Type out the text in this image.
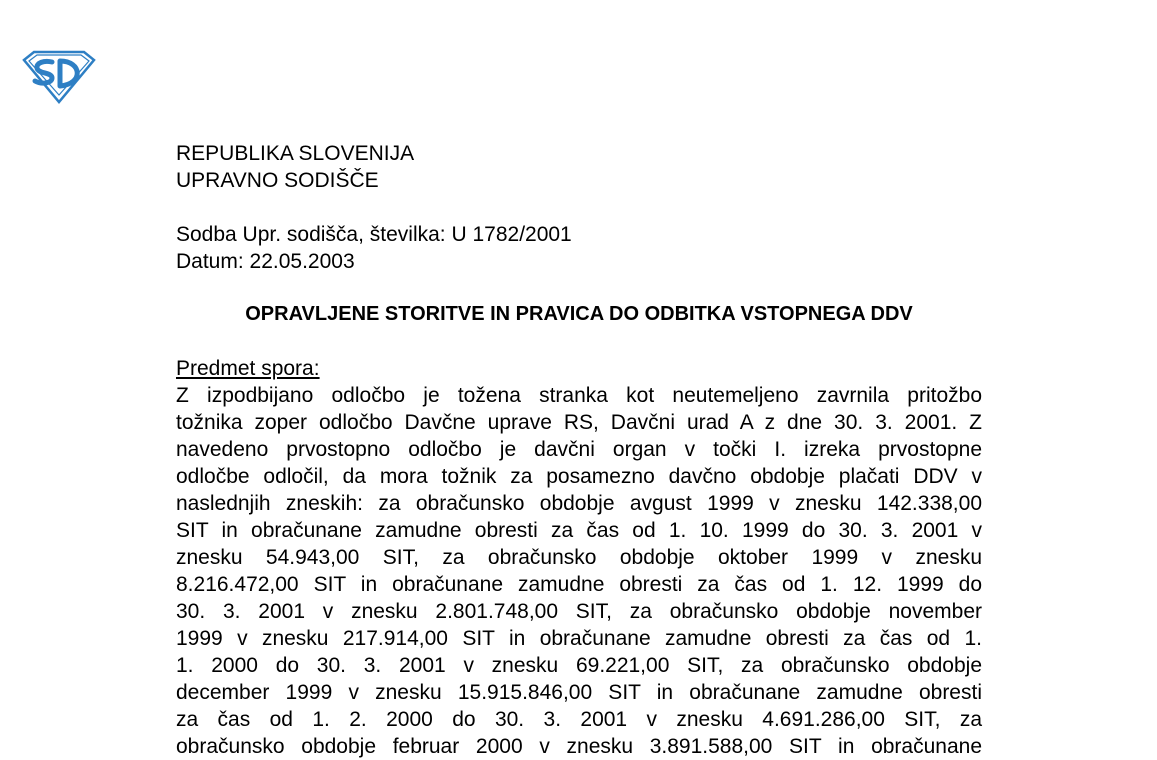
REPUBLIKA SLOVENIJA
UPRAVNO SODIŠČE
Sodba Upr. sodišča, številka: U 1782/2001
Datum: 22.05.2003
OPRAVLJENE STORITVE IN PRAVICA DO ODBITKA VSTOPNEGA DDV
Predmet spora:
Z izpodbijano odločbo je tožena stranka kot neutemeljeno zavrnila pritožbo
tožnika zoper odločbo Davčne uprave RS, Davčni urad A z dne 30. 3. 2001. Z
navedeno prvostopno odločbo je davčni organ v točki I. izreka prvostopne
odločbe odločil, da mora tožnik za posamezno davčno obdobje plačati DDV v
naslednjih zneskih: za obračunsko obdobje avgust 1999 v znesku 142.338,00
SIT in obračunane zamudne obresti za čas od 1. 10. 1999 do 30. 3. 2001 v
znesku 54.943,00 SIT, za obračunsko obdobje oktober 1999 v znesku
8.216.472,00 SIT in obračunane zamudne obresti za čas od 1. 12. 1999 do
30. 3. 2001 v znesku 2.801.748,00 SIT, za obračunsko obdobje november
1999 v znesku 217.914,00 SIT in obračunane zamudne obresti za čas od 1.
1. 2000 do 30. 3. 2001 v znesku 69.221,00 SIT, za obračunsko obdobje
december 1999 v znesku 15.915.846,00 SIT in obračunane zamudne obresti
za čas od 1. 2. 2000 do 30. 3. 2001 v znesku 4.691.286,00 SIT, za
obračunsko obdobje februar 2000 v znesku 3.891.588,00 SIT in obračunane
